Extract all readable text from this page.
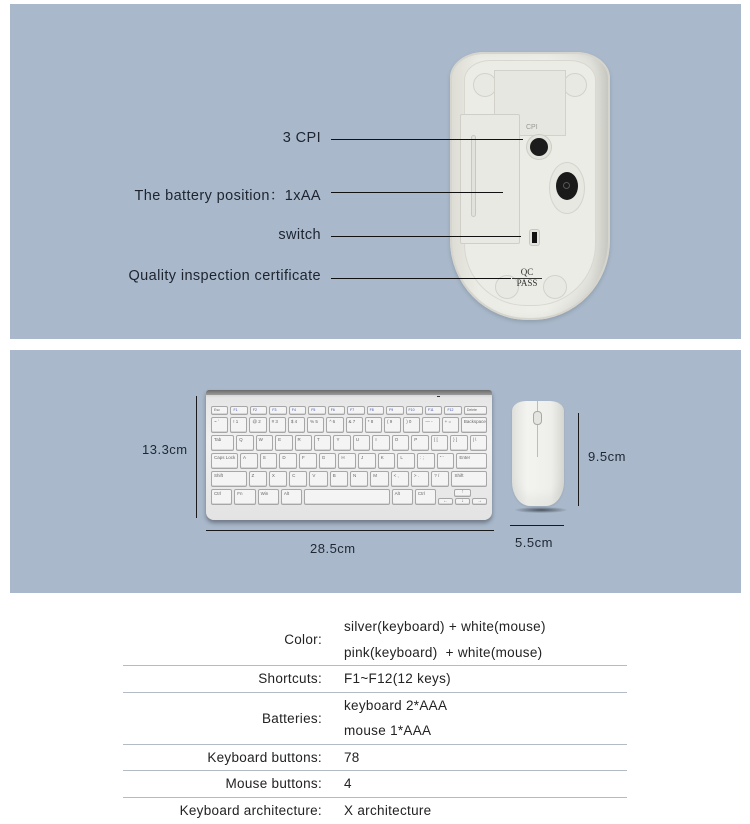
CPI
QC
PASS
3 CPI
The battery position：1xAA
switch
Quality inspection certificate
13.3cm
Esc	F1	F2	F3	F4	F5	F6	F7	F8	F9	F10	F11	F12	Delete
~ `	! 1	@ 2	# 3	$ 4	% 5	^ 6	& 7	* 8	( 9	) 0	— -	+ =	Backspace
Tab	Q	W	E	R	T	Y	U	I	O	P	{ [	} ]	| \
Caps Lock	A	S	D	F	G	H	J	K	L	: ;	" '	Enter
Shift	Z	X	C	V	B	N	M	< ,	> .	? /	Shift
Ctrl	Fn	Win	Alt	Alt	Ctrl	↑
←	↓	→
28.5cm
9.5cm
5.5cm
Color:
silver(keyboard) + white(mouse)
pink(keyboard)  + white(mouse)
Shortcuts: F1~F12(12 keys)
Batteries:
keyboard 2*AAA
mouse 1*AAA
Keyboard buttons: 78
Mouse buttons: 4
Keyboard architecture: X architecture
